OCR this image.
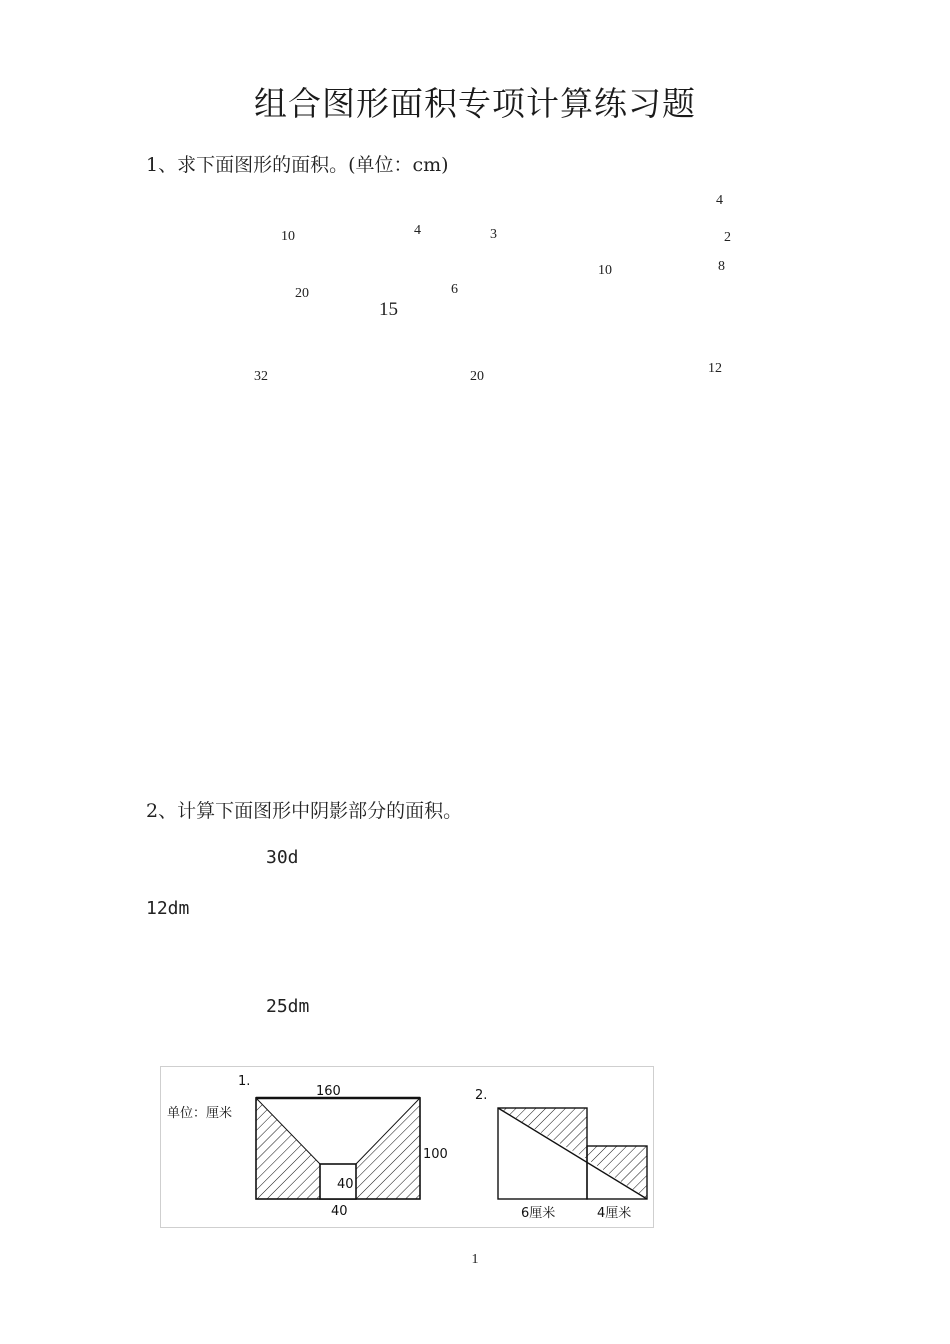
组合图形面积专项计算练习题
1、求下面图形的面积。(单位：cm)
10	4	3
4
2
20	6
10	8
15
32	20
12
2、计算下面图形中阴影部分的面积。
30d
12dm
25dm
1.
单位：厘米
160
100
40
40
2.
6厘米	4厘米
1
